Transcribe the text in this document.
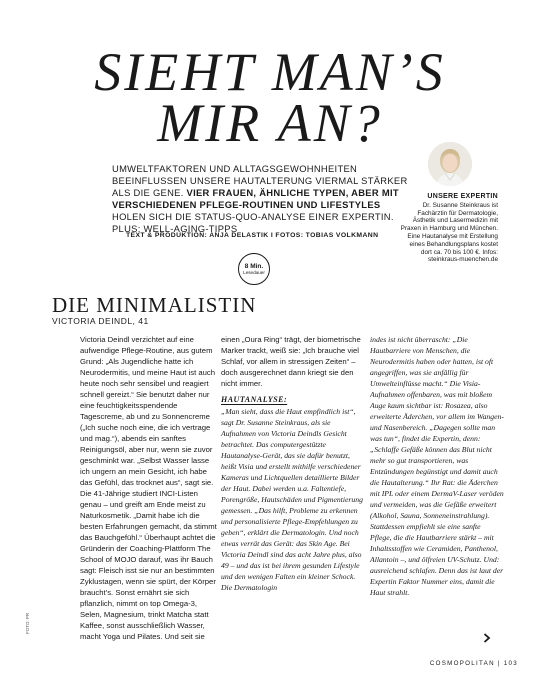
SIEHT MAN’S
MIR AN?
UMWELTFAKTOREN UND ALLTAGSGEWOHNHEITEN BEEINFLUSSEN UNSERE HAUTALTERUNG VIERMAL STÄRKER ALS DIE GENE. VIER FRAUEN, ÄHNLICHE TYPEN, ABER MIT VERSCHIEDENEN PFLEGE-ROUTINEN UND LIFESTYLES HOLEN SICH DIE STATUS-QUO-ANALYSE EINER EXPERTIN. PLUS: WELL-AGING-TIPPS
TEXT & PRODUKTION: ANJA DELASTIK I FOTOS: TOBIAS VOLKMANN
UNSERE EXPERTIN
Dr. Susanne Steinkraus ist Fachärztin für Dermatologie, Ästhetik und Lasermedizin mit Praxen in Hamburg und München. Eine Hautanalyse mit Erstellung eines Behandlungsplans kostet dort ca. 70 bis 100 €. Infos: steinkraus-muenchen.de
8 Min.
Lesedauer
DIE MINIMALISTIN
VICTORIA DEINDL, 41

Victoria Deindl verzichtet auf eine aufwendige Pflege-Routine, aus gutem Grund: „Als Jugendliche hatte ich Neurodermitis, und meine Haut ist auch heute noch sehr sensibel und reagiert schnell gereizt.“ Sie benutzt daher nur eine feuchtigkeitsspendende Tagescreme, ab und zu Sonnencreme („Ich suche noch eine, die ich vertrage und mag.“), abends ein sanftes Reinigungsöl, aber nur, wenn sie zuvor geschminkt war. „Selbst Wasser lasse ich ungern an mein Gesicht, ich habe das Gefühl, das trocknet aus“, sagt sie. Die 41-Jährige studiert INCI-Listen genau – und greift am Ende meist zu Naturkosmetik. „Damit habe ich die besten Erfahrungen gemacht, da stimmt das Bauchgefühl.“ Überhaupt achtet die Gründerin der Coaching-Plattform The School of MOJO darauf, was ihr Bauch sagt: Fleisch isst sie nur an bestimmten Zyklustagen, wenn sie spürt, der Körper braucht’s. Sonst ernährt sie sich pflanzlich, nimmt on top Omega-3, Selen, Magnesium, trinkt Matcha statt Kaffee, sonst ausschließlich Wasser, macht Yoga und Pilates. Und seit sie

einen „Oura Ring“ trägt, der biometrische Marker trackt, weiß sie: „Ich brauche viel Schlaf, vor allem in stressigen Zeiten“ – doch ausgerechnet dann kriegt sie den nicht immer.

HAUTANALYSE:

„Man sieht, dass die Haut empfindlich ist“, sagt Dr. Susanne Steinkraus, als sie Aufnahmen von Victoria Deindls Gesicht betrachtet. Das computergestützte Hautanalyse-Gerät, das sie dafür benutzt, heißt Visia und erstellt mithilfe verschiedener Kameras und Lichtquellen detaillierte Bilder der Haut. Dabei werden u.a. Faltentiefe, Porengröße, Hautschäden und Pigmentierung gemessen. „Das hilft, Probleme zu erkennen und personalisierte Pflege-Empfehlungen zu geben“, erklärt die Dermatologin. Und noch etwas verrät das Gerät: das Skin Age. Bei Victoria Deindl sind das acht Jahre plus, also 49 – und das ist bei ihrem gesunden Lifestyle und den wenigen Falten ein kleiner Schock. Die Dermatologin

indes ist nicht überrascht: „Die Hautbarriere von Menschen, die Neurodermitis haben oder hatten, ist oft angegriffen, was sie anfällig für Umwelteinflüsse macht.“ Die Visia-Aufnahmen offenbaren, was mit bloßem Auge kaum sichtbar ist: Rosazea, also erweiterte Äderchen, vor allem im Wangen- und Nasenbereich. „Dagegen sollte man was tun“, findet die Expertin, denn: „Schlaffe Gefäße können das Blut nicht mehr so gut transportieren, was Entzündungen begünstigt und damit auch die Hautalterung.“ Ihr Rat: die Äderchen mit IPL oder einem DermaV-Laser veröden und vermeiden, was die Gefäße erweitert (Alkohol, Sauna, Sonneneinstrahlung). Stattdessen empfiehlt sie eine sanfte Pflege, die die Hautbarriere stärkt – mit Inhaltsstoffen wie Ceramiden, Panthenol, Allantoin –, und ölfreien UV-Schutz. Und: ausreichend schlafen. Denn das ist laut der Expertin Faktor Nummer eins, damit die Haut strahlt.

FOTO: PR
COSMOPOLITAN | 103
